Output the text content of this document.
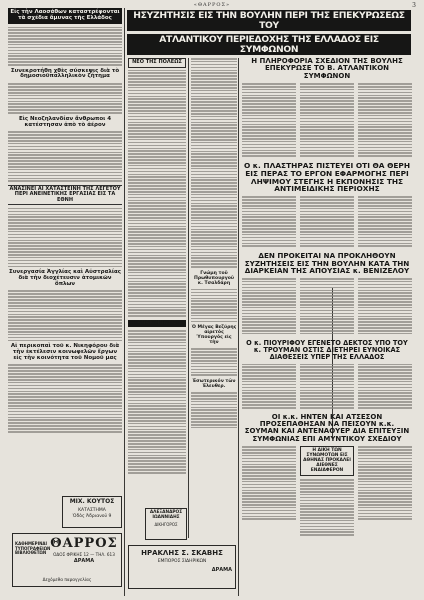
«ΘΑΡΡΟΣ»	3
Εἰς τὴν Λαοσάθων καταστρέφονται τὰ σχέδια ἄμυνας τῆς Ελλάδος
Συνεκροτήθη χθὲς σύσκεψις διὰ τὸ δημοσιοϋπαλληλικὸν ζήτημα
Εἰς Νεοζηλανδίαν ἄνθρωποι 4 κατέστησαν ἀπὸ τὸ ἀέρον
ΑΝΑΣΙΝΕΙ ΑΙ ΧΑΤΑΣΤΕΙΝΗ ΤΗΣ ΛΕΓΕΤΟΥ ΠΕΡΙ ΑΝΕΙΝΕΤΙΚΗΣ ΕΡΓΑΣΙΑΣ ΕΙΣ ΤΑ ΕΘΝΗ
Συνεργασία Ἀγγλίας καὶ Αὐστραλίας διὰ τὴν διοχέτευσιν ἀτομικῶν ὅπλων
Αἱ περικοπαὶ τοῦ κ. Νικηφόρου διὰ τὴν ἐκτέλεσιν κοινωφελῶν ἔργων εἰς τὴν κοινότητα τοῦ Νομοῦ μας
ΜΙΧ. ΚΟΥΤΟΣ
ΚΑΤΑΣΤΗΜΑ
Ὁδὸς Ἀδριανοῦ 9
ΚΑΘΗΜΕΡΙΝΑΙ ΤΥΠΟΓΡΑΦΕΙΩΝ ΒΙΒΛΙΟΘΕΤΩΝ
ΘΑΡΡΟΣ
ΟΔΟΣ ΦΡΙΚΗΣ 12 — ΤΗΛ. 613
ΔΡΑΜΑ
Δεχόμεθα παραγγελίας
ΗΣΥΖΗΤΗΣΙΣ ΕΙΣ ΤΗΝ ΒΟΥΛΗΝ ΠΕΡΙ ΤΗΣ ΕΠΕΚΥΡΩΣΕΩΣ ΤΟΥ
ΑΤΛΑΝΤΙΚΟΥ ΠΕΡΙΕΔΟΧΗΣ ΤΗΣ ΕΛΛΑΔΟΣ ΕΙΣ ΣΥΜΦΩΝΟΝ
ΝΕΟ ΤΗΣ ΠΟΛΕΩΣ
ΑΝΑΚΟΙΝΩΣΙΣ
Γνώμη τοῦ Πρωθυπουργοῦ κ. Τσαλδάρη
Ὁ Μέγας Βεζύρης αἱρετός Ὑπουργός εἰς τὴν
Ἐσωτερικόν τῶν Ἐλευθερ.
ΑΛΕΞΑΝΔΡΟΣ ΙΩΑΝΝΙΔΗΣ
ΔΙΚΗΓΟΡΟΣ
ΗΡΑΚΛΗΣ Σ. ΣΚΑΒΗΣ
ΕΜΠΟΡΟΣ ΣΙΔΗΡΙΚΩΝ
ΔΡΑΜΑ
Η ΠΛΗΡΟΦΟΡΙΑ ΣΧΕΔΙΟΝ ΤΗΣ ΒΟΥΛΗΣ ΕΠΕΚΥΡΩΣΕ ΤΟ Β. ΑΤΛΑΝΤΙΚΟΝ ΣΥΜΦΩΝΟΝ
Ο κ. ΠΛΑΣΤΗΡΑΣ ΠΙΣΤΕΥΕΙ ΟΤΙ ΘΑ ΘΕΡΗ ΕΙΣ ΠΕΡΑΣ ΤΟ ΕΡΓΟΝ ΕΦΑΡΜΟΓΗΣ ΠΕΡΙ ΛΗΨΙΜΟΥ ΣΤΕΓΗΣ Η ΕΚΠΟΝΗΣΙΣ ΤΗΣ ΑΝΤΙΜΕΙΔΙΚΗΣ ΠΕΡΙΟΧΗΣ
ΔΕΝ ΠΡΟΚΕΙΤΑΙ ΝΑ ΠΡΟΚΛΗΘΟΥΝ ΣΥΖΗΤΗΣΕΙΣ ΕΙΣ ΤΗΝ ΒΟΥΛΗΝ ΚΑΤΑ ΤΗΝ ΔΙΑΡΚΕΙΑΝ ΤΗΣ ΑΠΟΥΣΙΑΣ κ. ΒΕΝΙΖΕΛΟΥ
Ο κ. ΠΙΟΥΡΙΦΟΥ ΕΓΕΝΕΤΟ ΔΕΚΤΟΣ ΥΠΟ ΤΟΥ κ. ΤΡΟΥΜΑΝ ΟΣΤΙΣ ΔΙΕΤΗΡΕΙ ΕΥΝΟΙΚΑΣ ΔΙΑΘΕΣΕΙΣ ΥΠΕΡ ΤΗΣ ΕΛΛΑΔΟΣ
ΟΙ κ.κ. ΗΝΤΕΝ ΚΑΙ ΑΤΣΕΣΟΝ ΠΡΟΣΕΠΑΘΗΣΑΝ ΝΑ ΠΕΙΣΟΥΝ κ.κ. ΣΟΥΜΑΝ ΚΑΙ ΑΝΤΕΝΑΟΥΕΡ ΔΙΑ ΕΠΙΤΕΥΞΙΝ ΣΥΜΦΩΝΙΑΣ ΕΠΙ ΑΜΥΝΤΙΚΟΥ ΣΧΕΔΙΟΥ
Η ΔΙΚΗ ΤΩΝ ΣΥΝΩΜΟΤΩΝ ΕΙΣ ΑΘΗΝΑΣ ΠΡΟΚΑΛΕΙ ΔΙΕΘΝΕΣ ΕΝΔΙΑΦΕΡΟΝ
